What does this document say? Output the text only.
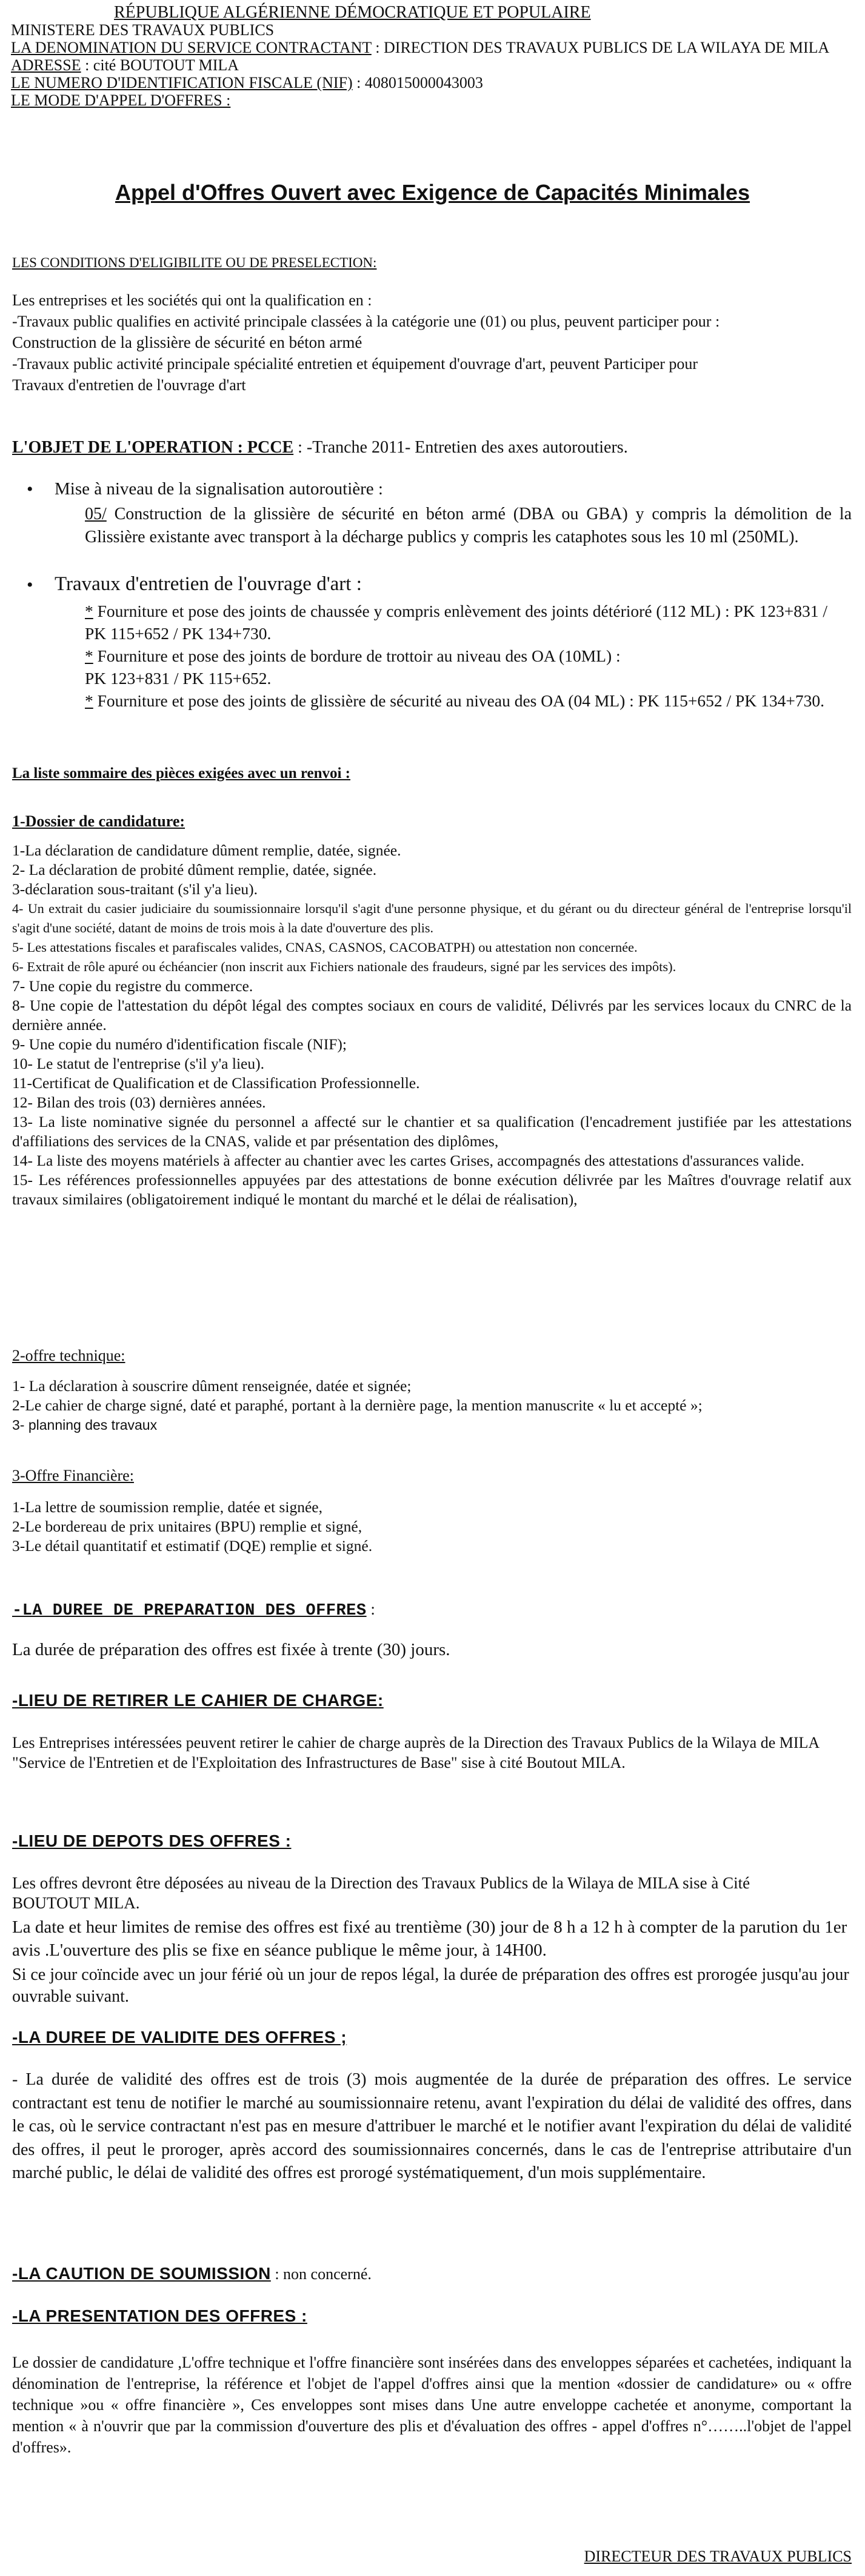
RÉPUBLIQUE ALGÉRIENNE DÉMOCRATIQUE ET POPULAIRE

MINISTERE DES TRAVAUX PUBLICS

LA DENOMINATION DU SERVICE CONTRACTANT : DIRECTION DES TRAVAUX PUBLICS DE LA WILAYA DE MILA

ADRESSE : cité BOUTOUT MILA

LE NUMERO D'IDENTIFICATION FISCALE (NIF) : 408015000043003

LE MODE D'APPEL D'OFFRES :

Appel d'Offres Ouvert avec Exigence de Capacités Minimales

LES CONDITIONS D'ELIGIBILITE OU DE PRESELECTION:

Les entreprises et les sociétés qui ont la qualification en :

-Travaux public qualifies en activité principale classées à la catégorie une (01) ou plus, peuvent participer pour :

Construction de la glissière de sécurité en béton armé

-Travaux public activité principale spécialité entretien et équipement d'ouvrage d'art, peuvent Participer pour

Travaux d'entretien de l'ouvrage d'art

L'OBJET DE L'OPERATION : PCCE : -Tranche 2011- Entretien des axes autoroutiers.

• Mise à niveau de la signalisation autoroutière :

05/ Construction de la glissière de sécurité en béton armé (DBA ou GBA) y compris la démolition de la Glissière existante avec transport à la décharge publics y compris les cataphotes sous les 10 ml (250ML).

• Travaux d'entretien de l'ouvrage d'art :

* Fourniture et pose des joints de chaussée y compris enlèvement des joints détérioré (112 ML) : PK 123+831 / PK 115+652 / PK 134+730.

* Fourniture et pose des joints de bordure de trottoir au niveau des OA (10ML) :

PK 123+831 / PK 115+652.

* Fourniture et pose des joints de glissière de sécurité au niveau des OA (04 ML) : PK 115+652 / PK 134+730.

La liste sommaire des pièces exigées avec un renvoi :

1-Dossier de candidature:

1-La déclaration de candidature dûment remplie, datée, signée.

2- La déclaration de probité dûment remplie, datée, signée.

3-déclaration sous-traitant (s'il y'a lieu).

4- Un extrait du casier judiciaire du soumissionnaire lorsqu'il s'agit d'une personne physique, et du gérant ou du directeur général de l'entreprise lorsqu'il s'agit d'une société, datant de moins de trois mois à la date d'ouverture des plis.

5- Les attestations fiscales et parafiscales valides, CNAS, CASNOS, CACOBATPH) ou attestation non concernée.

6- Extrait de rôle apuré ou échéancier (non inscrit aux Fichiers nationale des fraudeurs, signé par les services des impôts).

7- Une copie du registre du commerce.

8- Une copie de l'attestation du dépôt légal des comptes sociaux en cours de validité, Délivrés par les services locaux du CNRC de la dernière année.

9- Une copie du numéro d'identification fiscale (NIF);

10- Le statut de l'entreprise (s'il y'a lieu).

11-Certificat de Qualification et de Classification Professionnelle.

12- Bilan des trois (03) dernières années.

13- La liste nominative signée du personnel a affecté sur le chantier et sa qualification (l'encadrement justifiée par les attestations d'affiliations des services de la CNAS, valide et par présentation des diplômes,

14- La liste des moyens matériels à affecter au chantier avec les cartes Grises, accompagnés des attestations d'assurances valide.

15- Les références professionnelles appuyées par des attestations de bonne exécution délivrée par les Maîtres d'ouvrage relatif aux travaux similaires (obligatoirement indiqué le montant du marché et le délai de réalisation),

2-offre technique:

1- La déclaration à souscrire dûment renseignée, datée et signée;

2-Le cahier de charge signé, daté et paraphé, portant à la dernière page, la mention manuscrite « lu et accepté »;

3- planning des travaux

3-Offre Financière:

1-La lettre de soumission remplie, datée et signée,

2-Le bordereau de prix unitaires (BPU) remplie et signé,

3-Le détail quantitatif et estimatif (DQE) remplie et signé.

-LA DUREE DE PREPARATION DES OFFRES :

La durée de préparation des offres est fixée à trente (30) jours.

-LIEU DE RETIRER LE CAHIER DE CHARGE:

Les Entreprises intéressées peuvent retirer le cahier de charge auprès de la Direction des Travaux Publics de la Wilaya de MILA "Service de l'Entretien et de l'Exploitation des Infrastructures de Base" sise à cité Boutout MILA.

-LIEU DE DEPOTS DES OFFRES :

Les offres devront être déposées au niveau de la Direction des Travaux Publics de la Wilaya de MILA sise à Cité BOUTOUT MILA.

La date et heur limites de remise des offres est fixé au trentième (30) jour de 8 h a 12 h à compter de la parution du 1er avis .L'ouverture des plis se fixe en séance publique le même jour, à 14H00.

Si ce jour coïncide avec un jour férié où un jour de repos légal, la durée de préparation des offres est prorogée jusqu'au jour ouvrable suivant.

-LA DUREE DE VALIDITE DES OFFRES ;

- La durée de validité des offres est de trois (3) mois augmentée de la durée de préparation des offres. Le service contractant est tenu de notifier le marché au soumissionnaire retenu, avant l'expiration du délai de validité des offres, dans le cas, où le service contractant n'est pas en mesure d'attribuer le marché et le notifier avant l'expiration du délai de validité des offres, il peut le proroger, après accord des soumissionnaires concernés, dans le cas de l'entreprise attributaire d'un marché public, le délai de validité des offres est prorogé systématiquement, d'un mois supplémentaire.

-LA CAUTION DE SOUMISSION : non concerné.

-LA PRESENTATION DES OFFRES :

Le dossier de candidature ,L'offre technique et l'offre financière sont insérées dans des enveloppes séparées et cachetées, indiquant la dénomination de l'entreprise, la référence et l'objet de l'appel d'offres ainsi que la mention «dossier de candidature» ou « offre technique »ou « offre financière », Ces enveloppes sont mises dans Une autre enveloppe cachetée et anonyme, comportant la mention « à n'ouvrir que par la commission d'ouverture des plis et d'évaluation des offres - appel d'offres n°……..l'objet de l'appel d'offres».

DIRECTEUR DES TRAVAUX PUBLICS
